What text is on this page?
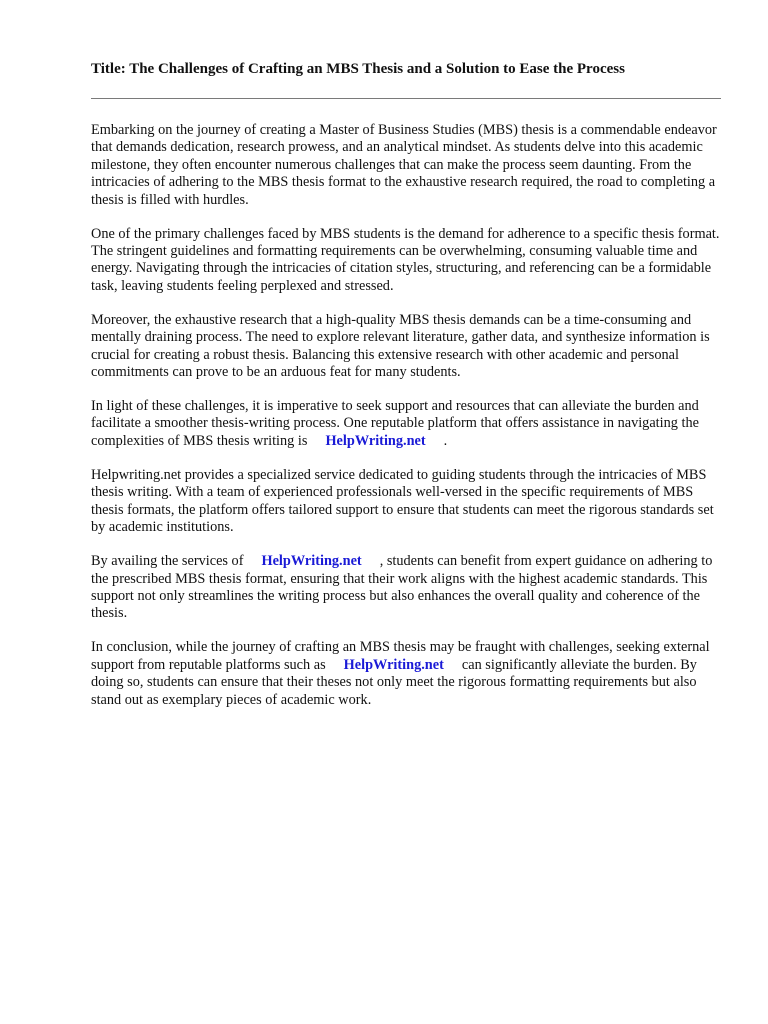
Title: The Challenges of Crafting an MBS Thesis and a Solution to Ease the Process

Embarking on the journey of creating a Master of Business Studies (MBS) thesis is a commendable endeavor that demands dedication, research prowess, and an analytical mindset. As students delve into this academic milestone, they often encounter numerous challenges that can make the process seem daunting. From the intricacies of adhering to the MBS thesis format to the exhaustive research required, the road to completing a thesis is filled with hurdles.

One of the primary challenges faced by MBS students is the demand for adherence to a specific thesis format. The stringent guidelines and formatting requirements can be overwhelming, consuming valuable time and energy. Navigating through the intricacies of citation styles, structuring, and referencing can be a formidable task, leaving students feeling perplexed and stressed.

Moreover, the exhaustive research that a high-quality MBS thesis demands can be a time-consuming and mentally draining process. The need to explore relevant literature, gather data, and synthesize information is crucial for creating a robust thesis. Balancing this extensive research with other academic and personal commitments can prove to be an arduous feat for many students.

In light of these challenges, it is imperative to seek support and resources that can alleviate the burden and facilitate a smoother thesis-writing process. One reputable platform that offers assistance in navigating the complexities of MBS thesis writing is HelpWriting.net .

Helpwriting.net provides a specialized service dedicated to guiding students through the intricacies of MBS thesis writing. With a team of experienced professionals well-versed in the specific requirements of MBS thesis formats, the platform offers tailored support to ensure that students can meet the rigorous standards set by academic institutions.

By availing the services of HelpWriting.net , students can benefit from expert guidance on adhering to the prescribed MBS thesis format, ensuring that their work aligns with the highest academic standards. This support not only streamlines the writing process but also enhances the overall quality and coherence of the thesis.

In conclusion, while the journey of crafting an MBS thesis may be fraught with challenges, seeking external support from reputable platforms such as HelpWriting.net can significantly alleviate the burden. By doing so, students can ensure that their theses not only meet the rigorous formatting requirements but also stand out as exemplary pieces of academic work.
